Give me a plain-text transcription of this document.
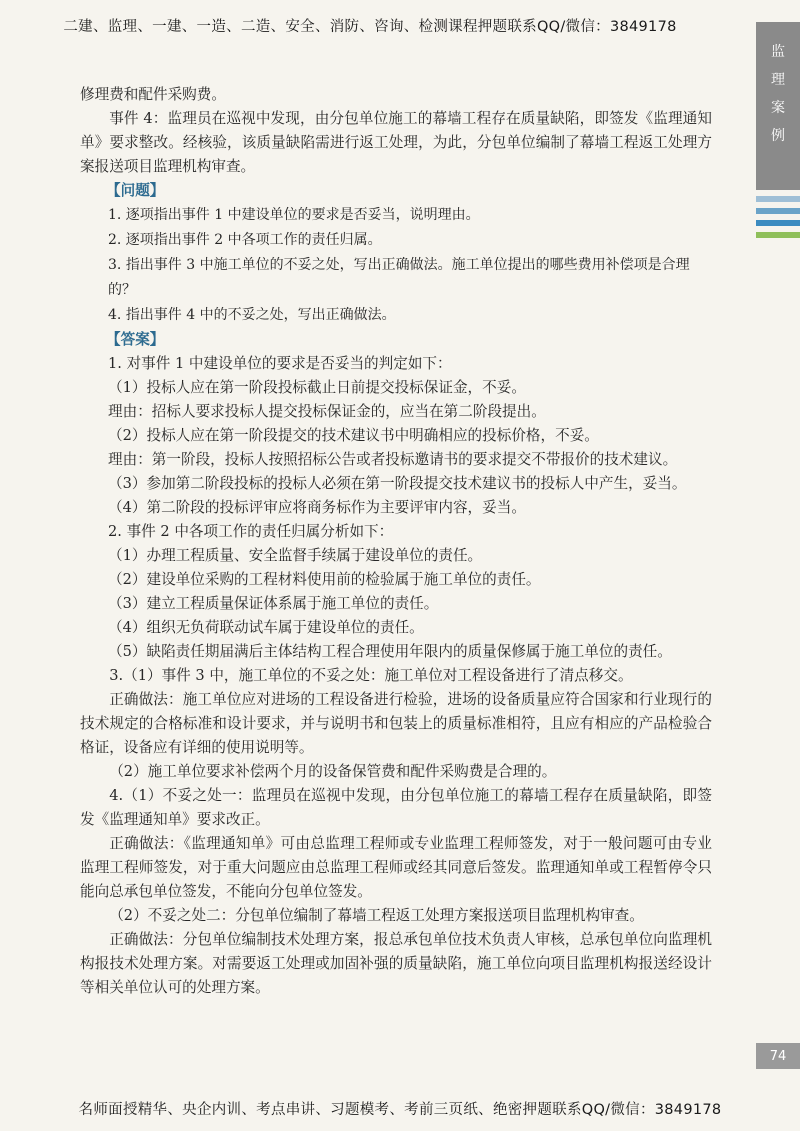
二建、监理、一建、一造、二造、安全、消防、咨询、检测课程押题联系QQ/微信：3849178
监
理
案
例
修理费和配件采购费。
事件 4：监理员在巡视中发现，由分包单位施工的幕墙工程存在质量缺陷，即签发《监理通知单》要求整改。经核验，该质量缺陷需进行返工处理，为此，分包单位编制了幕墙工程返工处理方案报送项目监理机构审查。
【问题】
1. 逐项指出事件 1 中建设单位的要求是否妥当，说明理由。
2. 逐项指出事件 2 中各项工作的责任归属。
3. 指出事件 3 中施工单位的不妥之处，写出正确做法。施工单位提出的哪些费用补偿项是合理的？
4. 指出事件 4 中的不妥之处，写出正确做法。
【答案】
1. 对事件 1 中建设单位的要求是否妥当的判定如下：
（1）投标人应在第一阶段投标截止日前提交投标保证金，不妥。
理由：招标人要求投标人提交投标保证金的，应当在第二阶段提出。
（2）投标人应在第一阶段提交的技术建议书中明确相应的投标价格，不妥。
理由：第一阶段，投标人按照招标公告或者投标邀请书的要求提交不带报价的技术建议。
（3）参加第二阶段投标的投标人必须在第一阶段提交技术建议书的投标人中产生，妥当。
（4）第二阶段的投标评审应将商务标作为主要评审内容，妥当。
2. 事件 2 中各项工作的责任归属分析如下：
（1）办理工程质量、安全监督手续属于建设单位的责任。
（2）建设单位采购的工程材料使用前的检验属于施工单位的责任。
（3）建立工程质量保证体系属于施工单位的责任。
（4）组织无负荷联动试车属于建设单位的责任。
（5）缺陷责任期届满后主体结构工程合理使用年限内的质量保修属于施工单位的责任。
3.（1）事件 3 中，施工单位的不妥之处：施工单位对工程设备进行了清点移交。
正确做法：施工单位应对进场的工程设备进行检验，进场的设备质量应符合国家和行业现行的技术规定的合格标准和设计要求，并与说明书和包装上的质量标准相符，且应有相应的产品检验合格证，设备应有详细的使用说明等。
（2）施工单位要求补偿两个月的设备保管费和配件采购费是合理的。
4.（1）不妥之处一：监理员在巡视中发现，由分包单位施工的幕墙工程存在质量缺陷，即签发《监理通知单》要求改正。
正确做法：《监理通知单》可由总监理工程师或专业监理工程师签发，对于一般问题可由专业监理工程师签发，对于重大问题应由总监理工程师或经其同意后签发。监理通知单或工程暂停令只能向总承包单位签发，不能向分包单位签发。
（2）不妥之处二：分包单位编制了幕墙工程返工处理方案报送项目监理机构审查。
正确做法：分包单位编制技术处理方案，报总承包单位技术负责人审核，总承包单位向监理机构报技术处理方案。对需要返工处理或加固补强的质量缺陷，施工单位向项目监理机构报送经设计等相关单位认可的处理方案。
74
名师面授精华、央企内训、考点串讲、习题模考、考前三页纸、绝密押题联系QQ/微信：3849178
